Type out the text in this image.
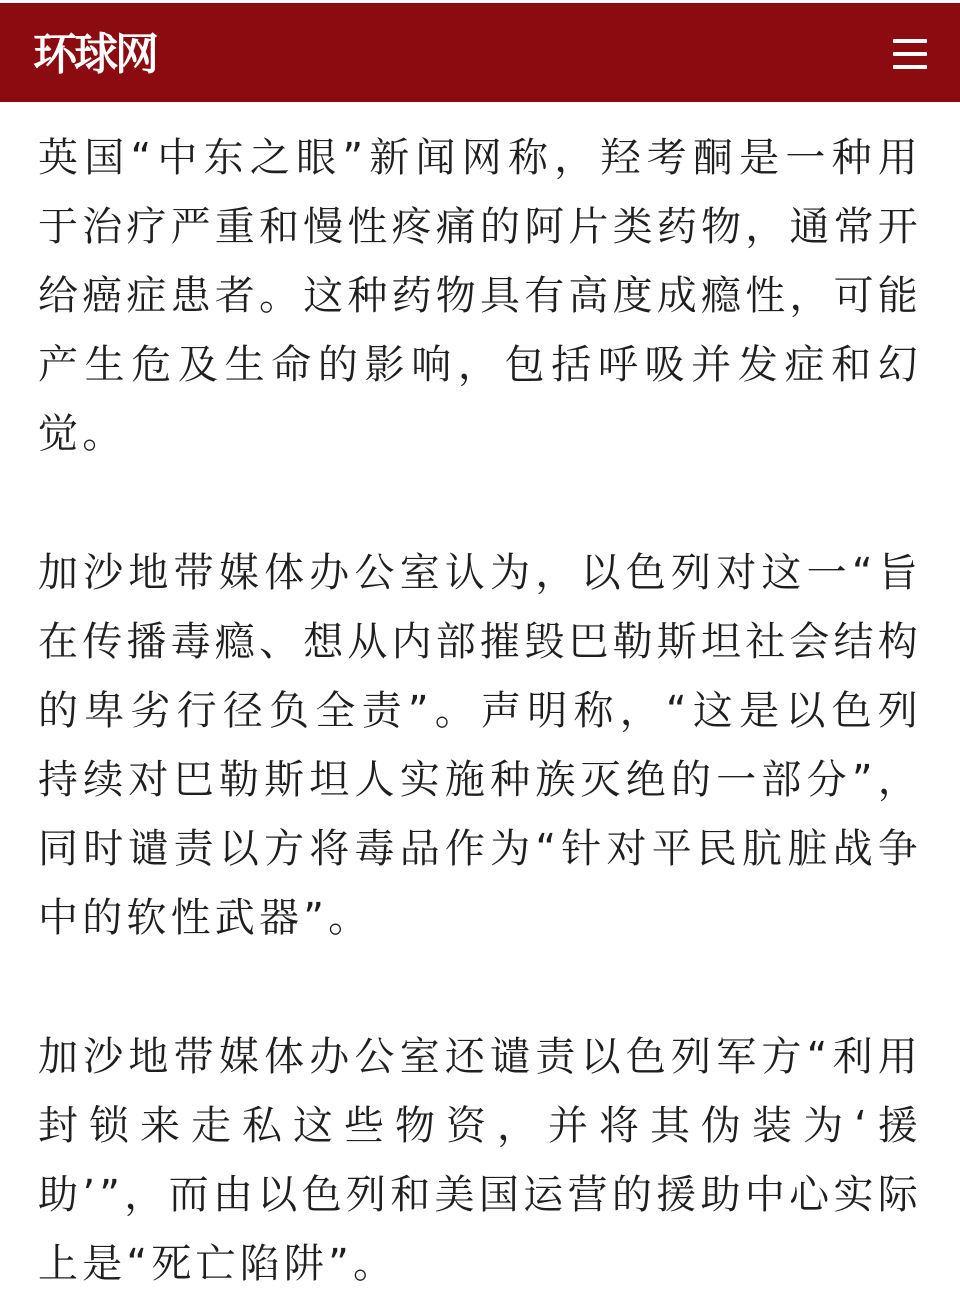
环球网

英国“中东之眼”新闻网称，羟考酮是一种用于治疗严重和慢性疼痛的阿片类药物，通常开给癌症患者。这种药物具有高度成瘾性，可能产生危及生命的影响，包括呼吸并发症和幻觉。

加沙地带媒体办公室认为，以色列对这一“旨在传播毒瘾、想从内部摧毁巴勒斯坦社会结构的卑劣行径负全责”。声明称，“这是以色列持续对巴勒斯坦人实施种族灭绝的一部分”，同时谴责以方将毒品作为“针对平民肮脏战争中的软性武器”。

加沙地带媒体办公室还谴责以色列军方“利用封锁来走私这些物资，并将其伪装为‘援助’”，而由以色列和美国运营的援助中心实际上是“死亡陷阱”。
